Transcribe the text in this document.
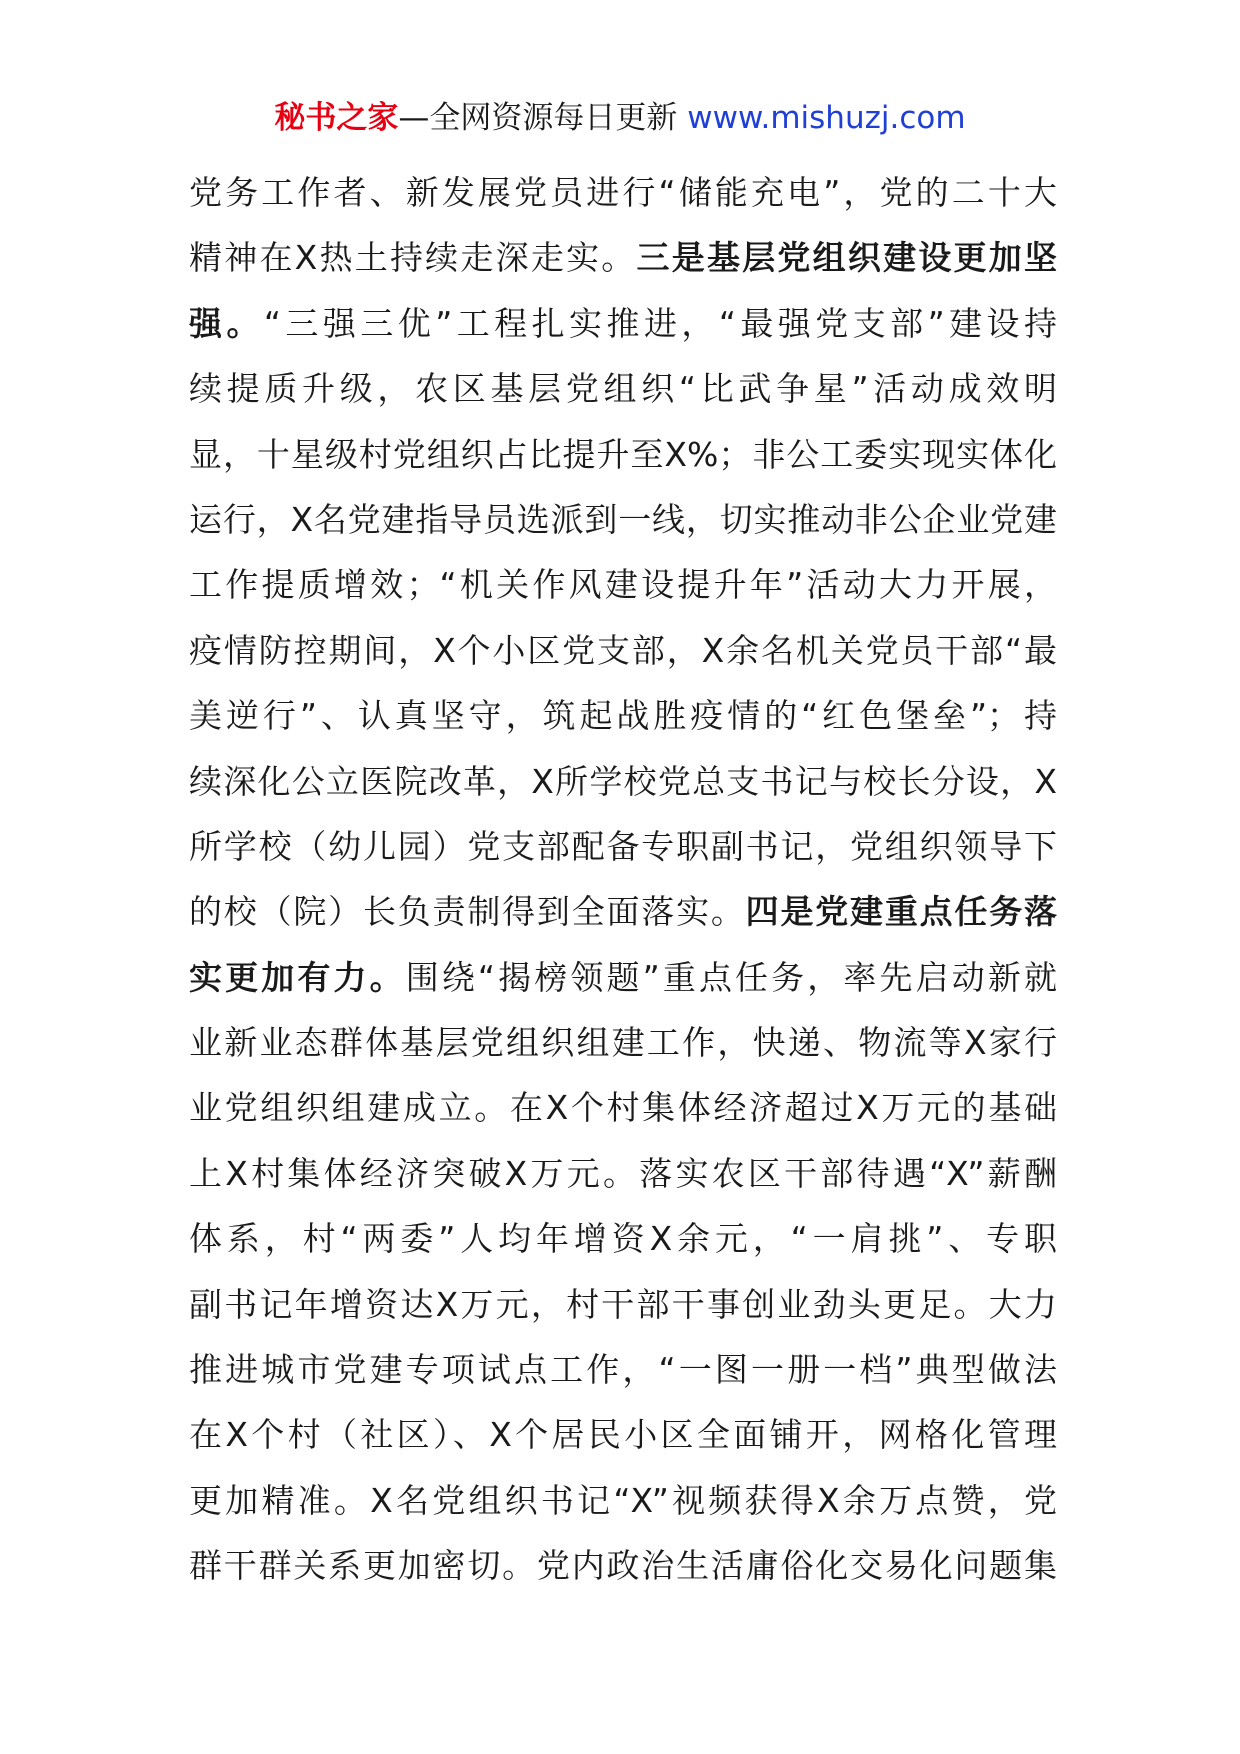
秘书之家—全网资源每日更新 www.mishuzj.com
党务工作者、新发展党员进行“储能充电”，党的二十大
精神在X热土持续走深走实。三是基层党组织建设更加坚
强。“三强三优”工程扎实推进，“最强党支部”建设持
续提质升级，农区基层党组织“比武争星”活动成效明
显，十星级村党组织占比提升至X%；非公工委实现实体化
运行，X名党建指导员选派到一线，切实推动非公企业党建
工作提质增效；“机关作风建设提升年”活动大力开展，
疫情防控期间，X个小区党支部，X余名机关党员干部“最
美逆行”、认真坚守，筑起战胜疫情的“红色堡垒”；持
续深化公立医院改革，X所学校党总支书记与校长分设，X
所学校（幼儿园）党支部配备专职副书记，党组织领导下
的校（院）长负责制得到全面落实。四是党建重点任务落
实更加有力。围绕“揭榜领题”重点任务，率先启动新就
业新业态群体基层党组织组建工作，快递、物流等X家行
业党组织组建成立。在X个村集体经济超过X万元的基础
上X村集体经济突破X万元。落实农区干部待遇“X”薪酬
体系，村“两委”人均年增资X余元，“一肩挑”、专职
副书记年增资达X万元，村干部干事创业劲头更足。大力
推进城市党建专项试点工作，“一图一册一档”典型做法
在X个村（社区）、X个居民小区全面铺开，网格化管理
更加精准。X名党组织书记“X”视频获得X余万点赞，党
群干群关系更加密切。党内政治生活庸俗化交易化问题集
